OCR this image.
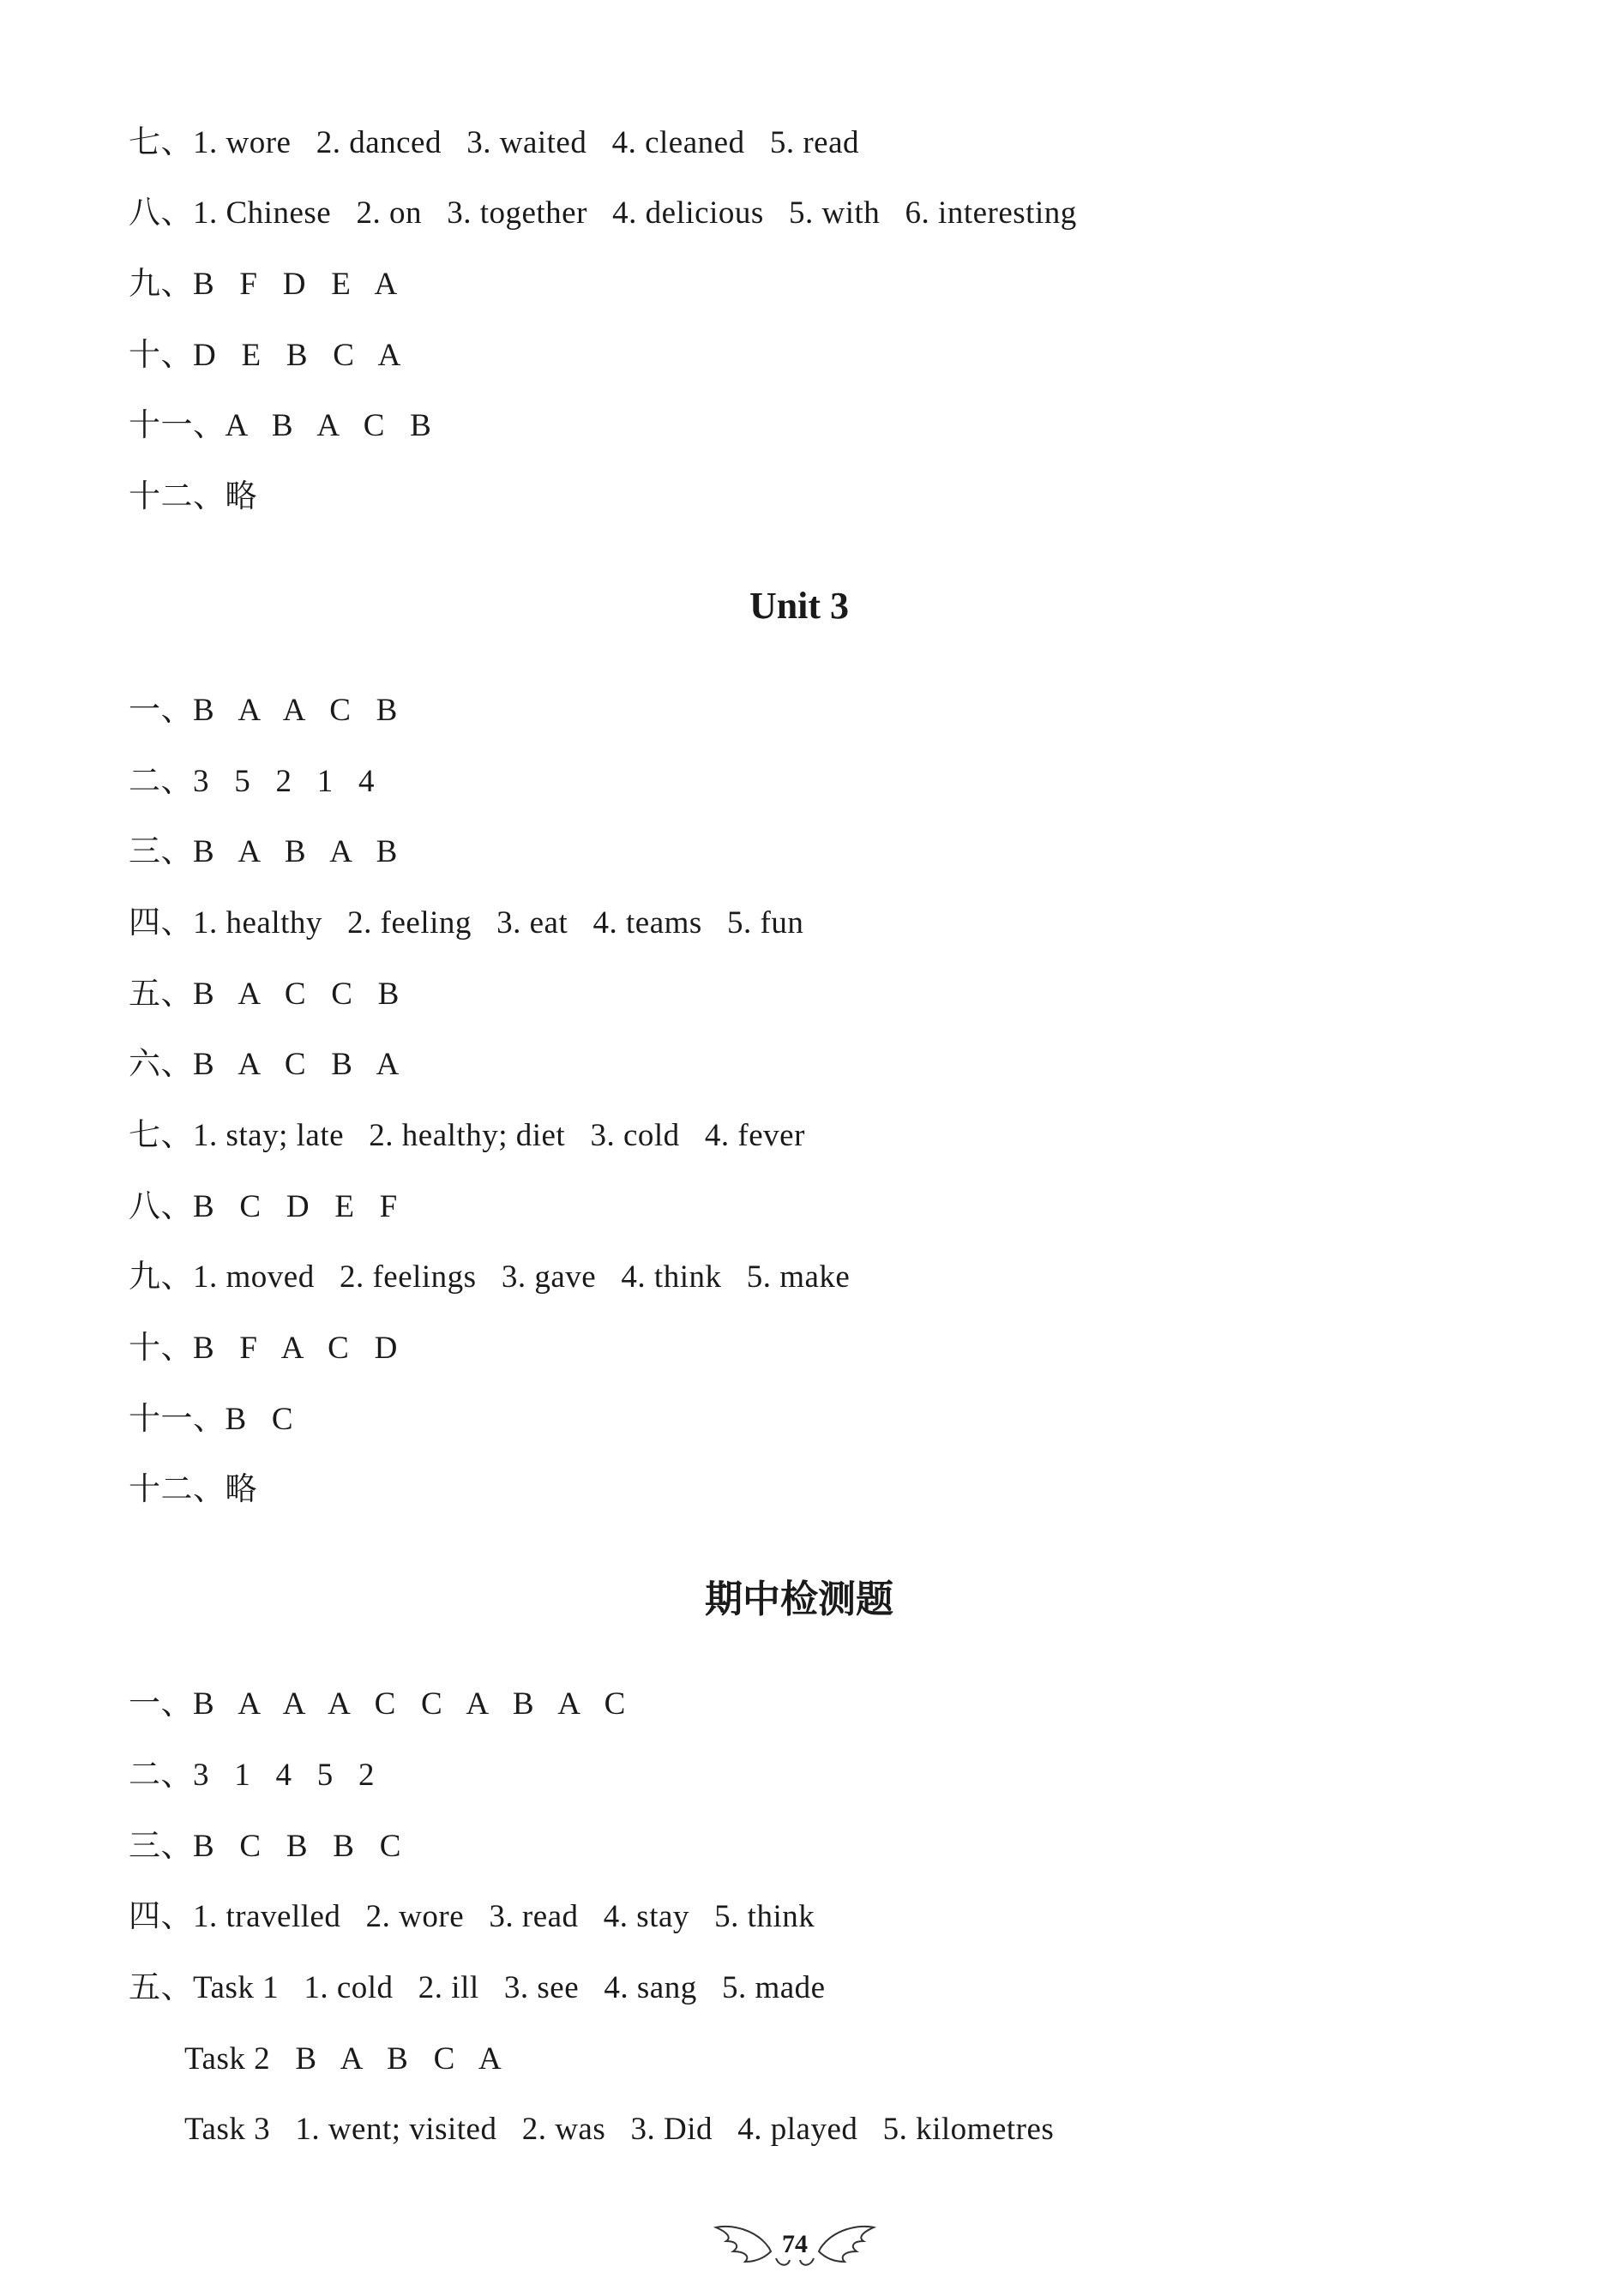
七、1. wore   2. danced   3. waited   4. cleaned   5. read
八、1. Chinese   2. on   3. together   4. delicious   5. with   6. interesting
九、B   F   D   E   A
十、D   E   B   C   A
十一、A   B   A   C   B
十二、略
Unit 3
一、B   A   A   C   B
二、3   5   2   1   4
三、B   A   B   A   B
四、1. healthy   2. feeling   3. eat   4. teams   5. fun
五、B   A   C   C   B
六、B   A   C   B   A
七、1. stay; late   2. healthy; diet   3. cold   4. fever
八、B   C   D   E   F
九、1. moved   2. feelings   3. gave   4. think   5. make
十、B   F   A   C   D
十一、B   C
十二、略
期中检测题
一、B   A   A   A   C   C   A   B   A   C
二、3   1   4   5   2
三、B   C   B   B   C
四、1. travelled   2. wore   3. read   4. stay   5. think
五、Task 1   1. cold   2. ill   3. see   4. sang   5. made
Task 2   B   A   B   C   A
Task 3   1. went; visited   2. was   3. Did   4. played   5. kilometres
74
